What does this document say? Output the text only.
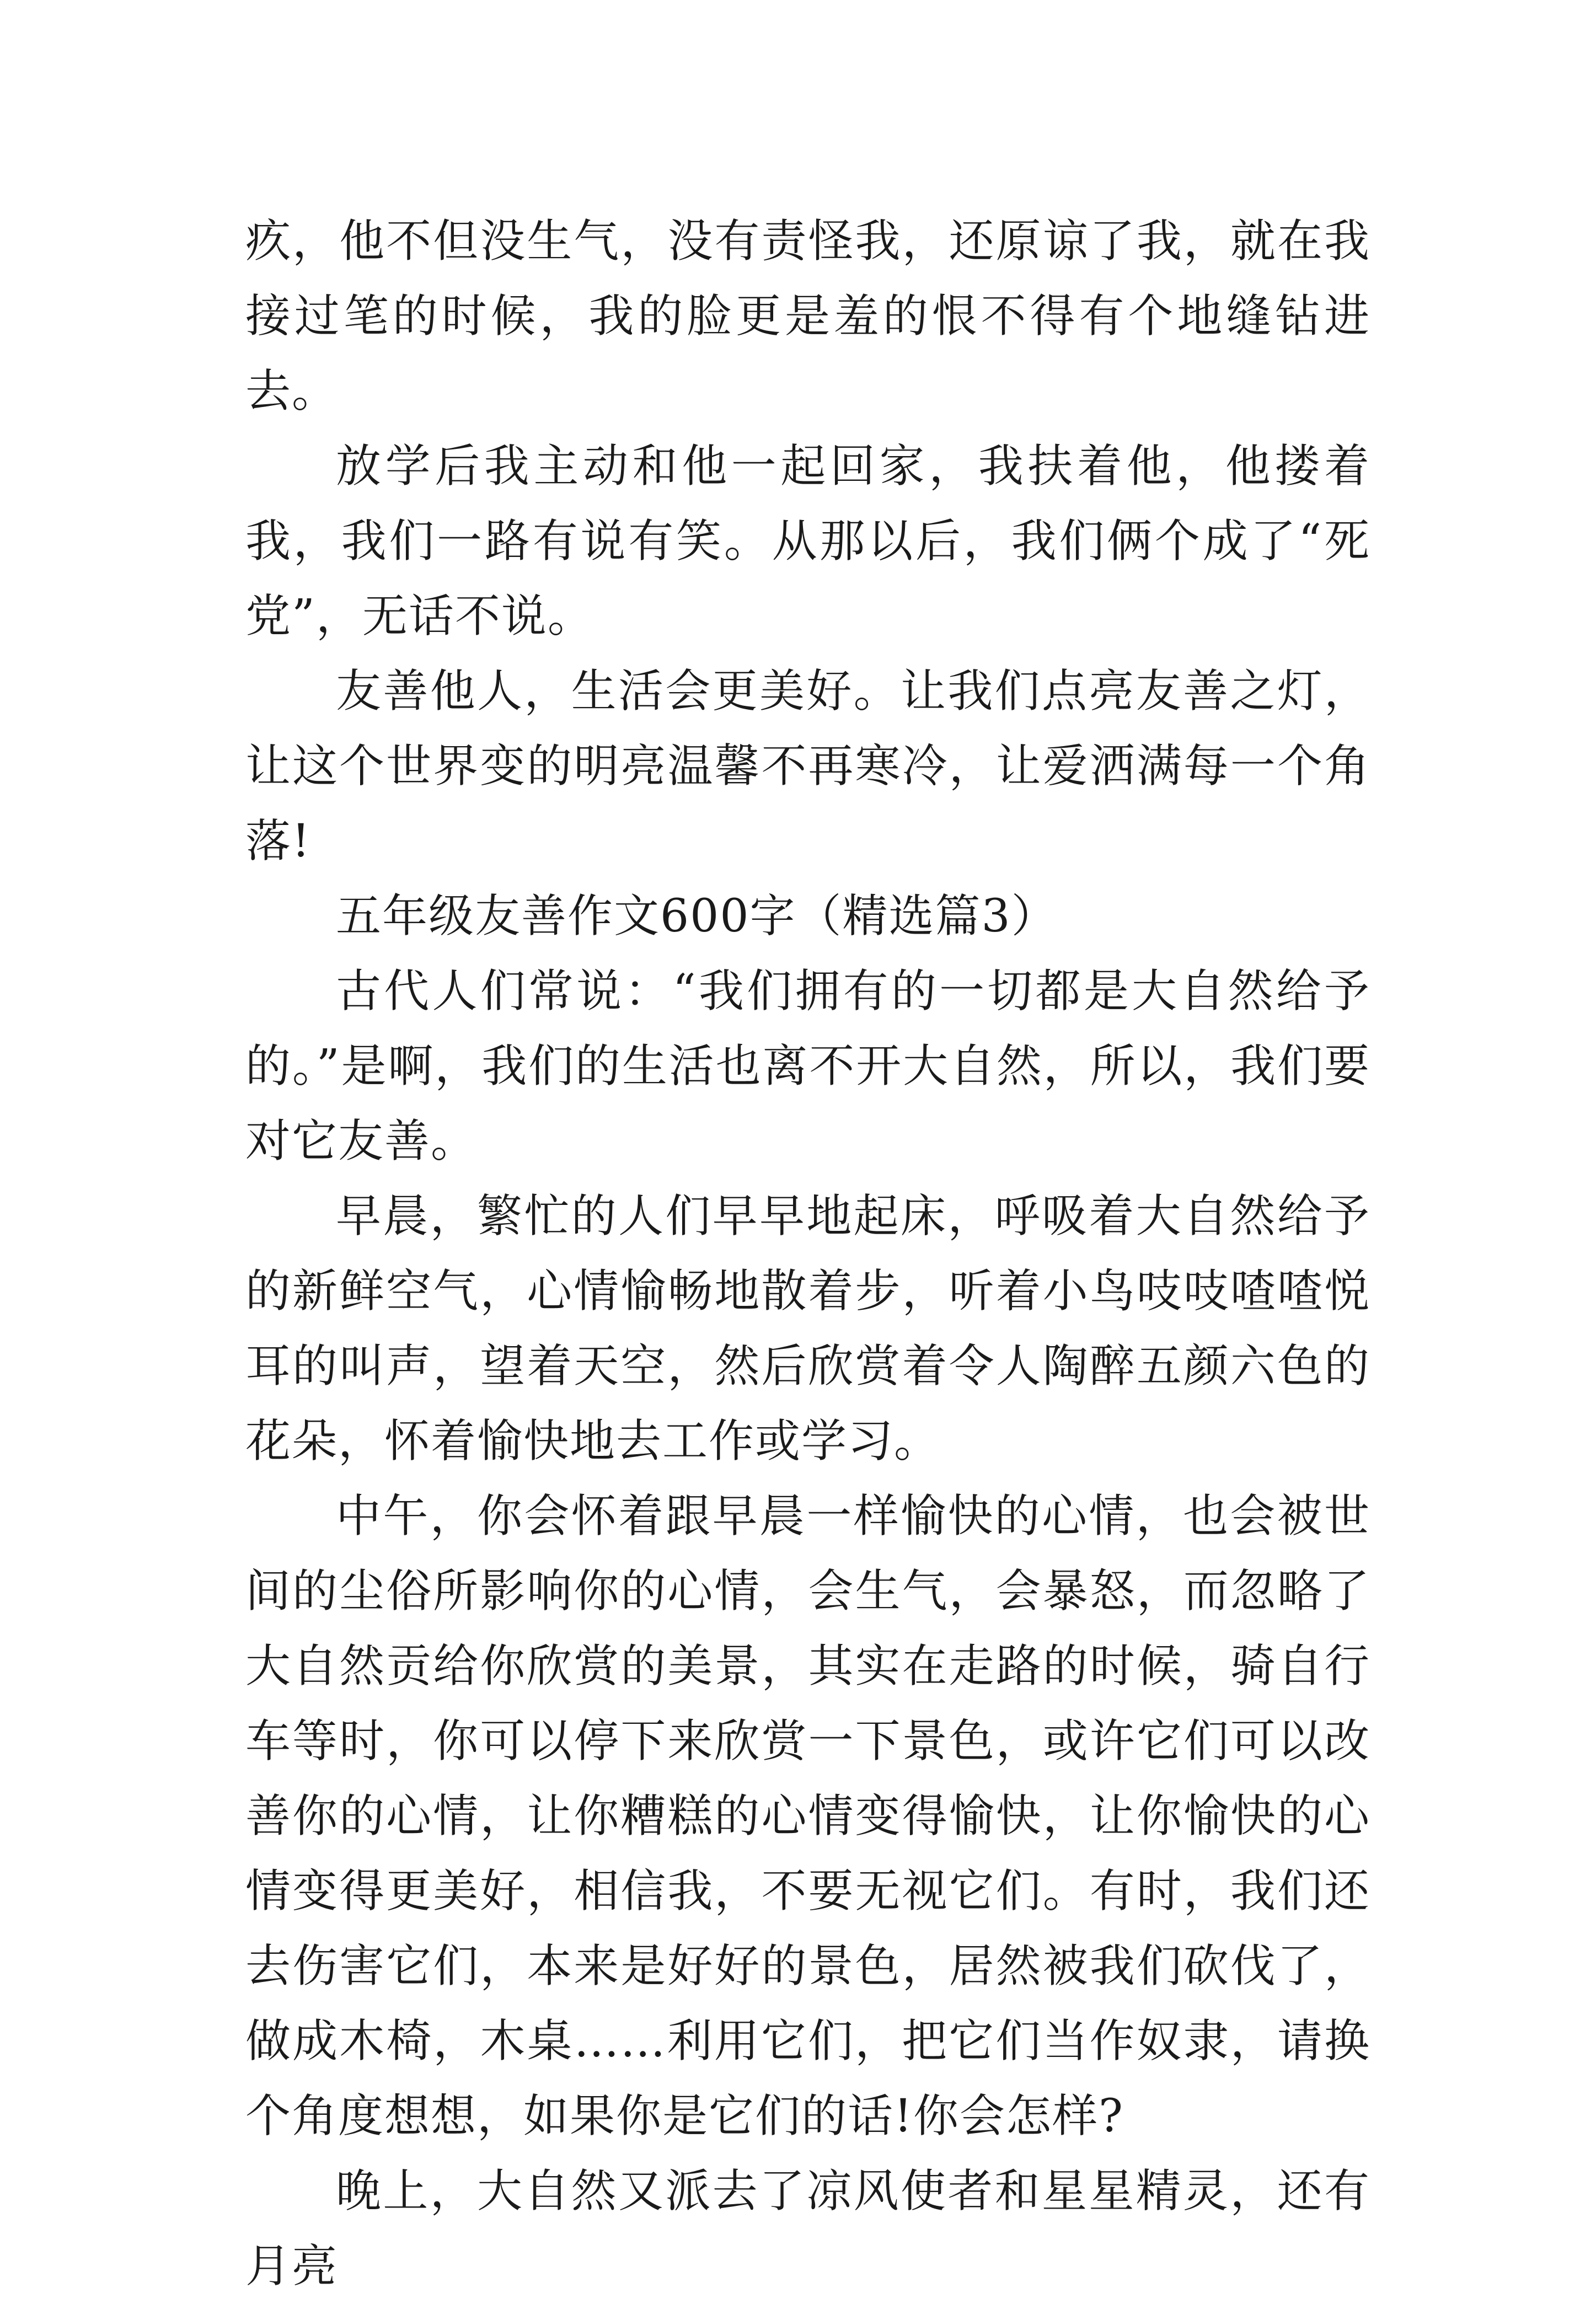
疚，他不但没生气，没有责怪我，还原谅了我，就在我接过笔的时候，我的脸更是羞的恨不得有个地缝钻进去。

放学后我主动和他一起回家，我扶着他，他搂着我，我们一路有说有笑。从那以后，我们俩个成了“死党”，无话不说。

友善他人，生活会更美好。让我们点亮友善之灯，让这个世界变的明亮温馨不再寒冷，让爱洒满每一个角落!

五年级友善作文600字（精选篇3）

古代人们常说：“我们拥有的一切都是大自然给予的。”是啊，我们的生活也离不开大自然，所以，我们要对它友善。

早晨，繁忙的人们早早地起床，呼吸着大自然给予的新鲜空气，心情愉畅地散着步，听着小鸟吱吱喳喳悦耳的叫声，望着天空，然后欣赏着令人陶醉五颜六色的花朵，怀着愉快地去工作或学习。

中午，你会怀着跟早晨一样愉快的心情，也会被世间的尘俗所影响你的心情，会生气，会暴怒，而忽略了大自然贡给你欣赏的美景，其实在走路的时候，骑自行车等时，你可以停下来欣赏一下景色，或许它们可以改善你的心情，让你糟糕的心情变得愉快，让你愉快的心情变得更美好，相信我，不要无视它们。有时，我们还去伤害它们，本来是好好的景色，居然被我们砍伐了，做成木椅，木桌……利用它们，把它们当作奴隶，请换个角度想想，如果你是它们的话!你会怎样?

晚上，大自然又派去了凉风使者和星星精灵，还有月亮
